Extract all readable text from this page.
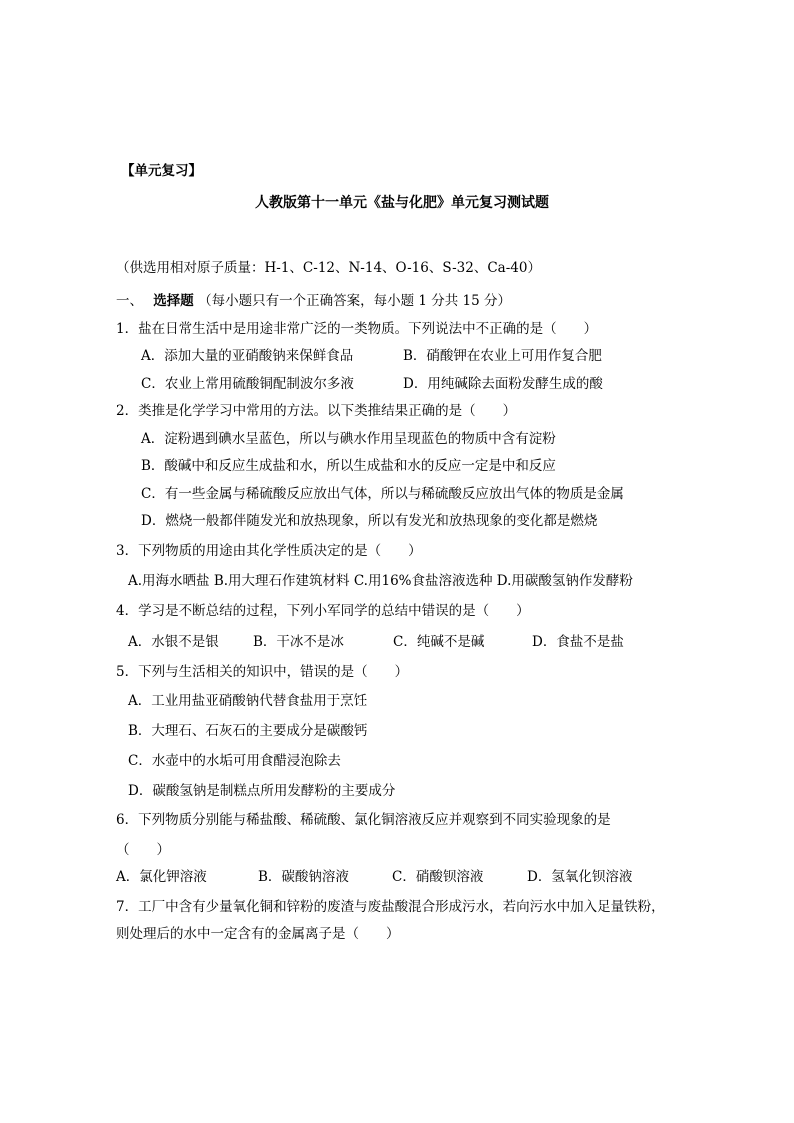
【单元复习】
人教版第十一单元《盐与化肥》单元复习测试题
（供选用相对原子质量：H-1、C-12、N-14、O-16、S-32、Ca-40）
一、 选择题 （每小题只有一个正确答案，每小题 1 分共 15 分）
1．盐在日常生活中是用途非常广泛的一类物质。下列说法中不正确的是（　　）
A．添加大量的亚硝酸钠来保鲜食品	B．硝酸钾在农业上可用作复合肥
C．农业上常用硫酸铜配制波尔多液	D．用纯碱除去面粉发酵生成的酸
2．类推是化学学习中常用的方法。以下类推结果正确的是（　　）
A．淀粉遇到碘水呈蓝色，所以与碘水作用呈现蓝色的物质中含有淀粉
B．酸碱中和反应生成盐和水，所以生成盐和水的反应一定是中和反应
C．有一些金属与稀硫酸反应放出气体，所以与稀硫酸反应放出气体的物质是金属
D．燃烧一般都伴随发光和放热现象，所以有发光和放热现象的变化都是燃烧
3．下列物质的用途由其化学性质决定的是（　　）
A.用海水晒盐 B.用大理石作建筑材料 C.用16%食盐溶液选种 D.用碳酸氢钠作发酵粉
4．学习是不断总结的过程，下列小军同学的总结中错误的是（　　）
A．水银不是银	B．干冰不是冰	C．纯碱不是碱	D．食盐不是盐
5．下列与生活相关的知识中，错误的是（　　）
A．工业用盐亚硝酸钠代替食盐用于烹饪
B．大理石、石灰石的主要成分是碳酸钙
C．水壶中的水垢可用食醋浸泡除去
D．碳酸氢钠是制糕点所用发酵粉的主要成分
6．下列物质分别能与稀盐酸、稀硫酸、氯化铜溶液反应并观察到不同实验现象的是
（　　）
A．氯化钾溶液	B．碳酸钠溶液	C．硝酸钡溶液	D．氢氧化钡溶液
7．工厂中含有少量氧化铜和锌粉的废渣与废盐酸混合形成污水，若向污水中加入足量铁粉，
则处理后的水中一定含有的金属离子是（　　）
